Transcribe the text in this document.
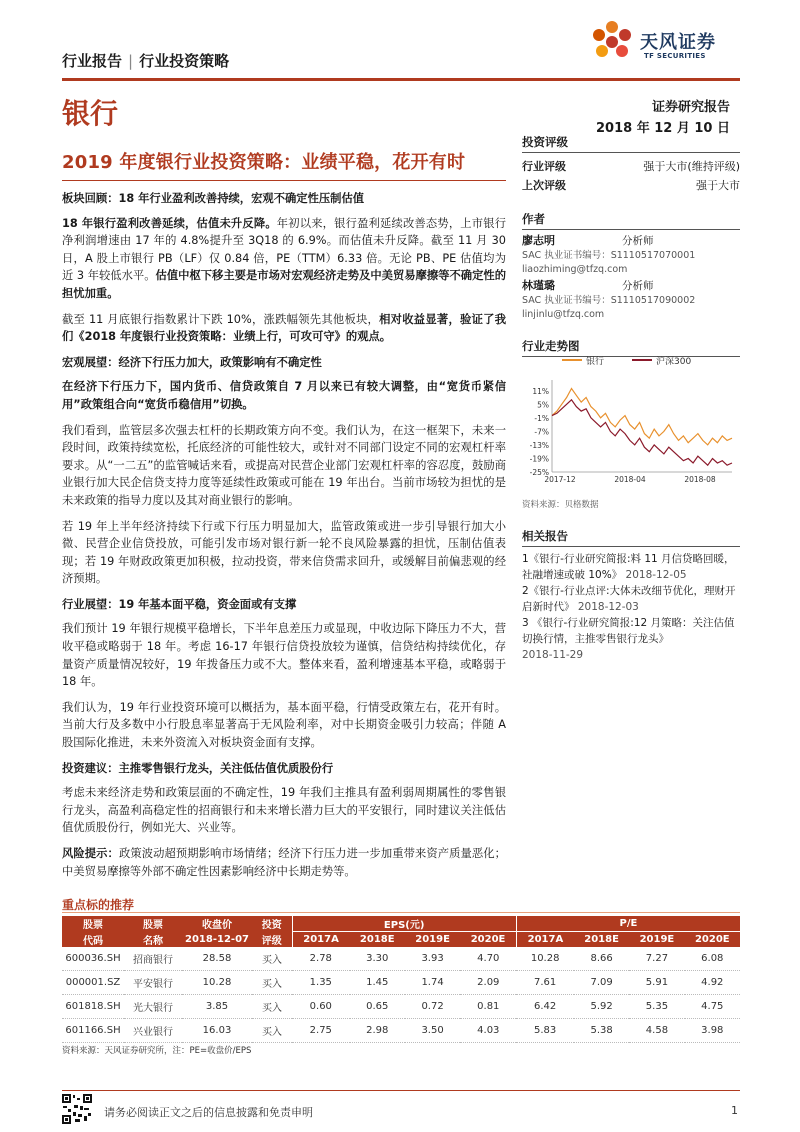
行业报告 | 行业投资策略
天风证券
TF SECURITIES
银行	证券研究报告
2018 年 12 月 10 日
2019 年度银行业投资策略：业绩平稳，花开有时

板块回顾：18 年行业盈利改善持续，宏观不确定性压制估值

18 年银行盈利改善延续，估值未升反降。年初以来，银行盈利延续改善态势，上市银行净利润增速由 17 年的 4.8%提升至 3Q18 的 6.9%。而估值未升反降。截至 11 月 30 日，A 股上市银行 PB（LF）仅 0.84 倍，PE（TTM）6.33 倍。无论 PB、PE 估值均为近 3 年较低水平。估值中枢下移主要是市场对宏观经济走势及中美贸易摩擦等不确定性的担忧加重。

截至 11 月底银行指数累计下跌 10%，涨跌幅领先其他板块，相对收益显著，验证了我们《2018 年度银行业投资策略：业绩上行，可攻可守》的观点。

宏观展望：经济下行压力加大，政策影响有不确定性

在经济下行压力下，国内货币、信贷政策自 7 月以来已有较大调整，由“宽货币紧信用”政策组合向“宽货币稳信用”切换。

我们看到，监管层多次强去杠杆的长期政策方向不变。我们认为，在这一框架下，未来一段时间，政策持续宽松，托底经济的可能性较大，或针对不同部门设定不同的宏观杠杆率要求。从“一二五”的监管喊话来看，或提高对民营企业部门宏观杠杆率的容忍度，鼓励商业银行加大民企信贷支持力度等延续性政策或可能在 19 年出台。当前市场较为担忧的是未来政策的指导力度以及其对商业银行的影响。

若 19 年上半年经济持续下行或下行压力明显加大，监管政策或进一步引导银行加大小微、民营企业信贷投放，可能引发市场对银行新一轮不良风险暴露的担忧，压制估值表现；若 19 年财政政策更加积极，拉动投资，带来信贷需求回升，或缓解目前偏悲观的经济预期。

行业展望：19 年基本面平稳，资金面或有支撑

我们预计 19 年银行规模平稳增长，下半年息差压力或显现，中收边际下降压力不大，营收平稳或略弱于 18 年。考虑 16-17 年银行信贷投放较为谨慎，信贷结构持续优化，存量资产质量情况较好，19 年拨备压力或不大。整体来看，盈利增速基本平稳，或略弱于 18 年。

我们认为，19 年行业投资环境可以概括为，基本面平稳，行情受政策左右，花开有时。当前大行及多数中小行股息率显著高于无风险利率，对中长期资金吸引力较高；伴随 A 股国际化推进，未来外资流入对板块资金面有支撑。

投资建议：主推零售银行龙头，关注低估值优质股份行

考虑未来经济走势和政策层面的不确定性，19 年我们主推具有盈利弱周期属性的零售银行龙头，高盈利高稳定性的招商银行和未来增长潜力巨大的平安银行，同时建议关注低估值优质股份行，例如光大、兴业等。

风险提示：政策波动超预期影响市场情绪；经济下行压力进一步加重带来资产质量恶化；中美贸易摩擦等外部不确定性因素影响经济中长期走势等。

投资评级
行业评级	强于大市(维持评级)
上次评级	强于大市
作者
廖志明	分析师
SAC 执业证书编号：S1110517070001
liaozhiming@tfzq.com
林瑾璐	分析师
SAC 执业证书编号：S1110517090002
linjinlu@tfzq.com
行业走势图
银行	沪深300
11%
5%
-1%
-7%
-13%
-19%
-25%
2017-12	2018-04	2018-08
资料来源：贝格数据
相关报告
1《银行-行业研究简报:料 11 月信贷略回暖，社融增速或破 10%》 2018-12-05
2《银行-行业点评:大体未改细节优化，理财开启新时代》 2018-12-03
3 《银行-行业研究简报:12 月策略：关注估值切换行情，主推零售银行龙头》
2018-11-29
重点标的推荐
股票	股票	收盘价	投资	EPS(元)				P/E			
代码	名称	2018-12-07	评级	2017A	2018E	2019E	2020E	2017A	2018E	2019E	2020E
600036.SH	招商银行	28.58	买入	2.78	3.30	3.93	4.70	10.28	8.66	7.27	6.08
000001.SZ	平安银行	10.28	买入	1.35	1.45	1.74	2.09	7.61	7.09	5.91	4.92
601818.SH	光大银行	3.85	买入	0.60	0.65	0.72	0.81	6.42	5.92	5.35	4.75
601166.SH	兴业银行	16.03	买入	2.75	2.98	3.50	4.03	5.83	5.38	4.58	3.98
资料来源：天风证券研究所，注：PE=收盘价/EPS
请务必阅读正文之后的信息披露和免责申明	1
